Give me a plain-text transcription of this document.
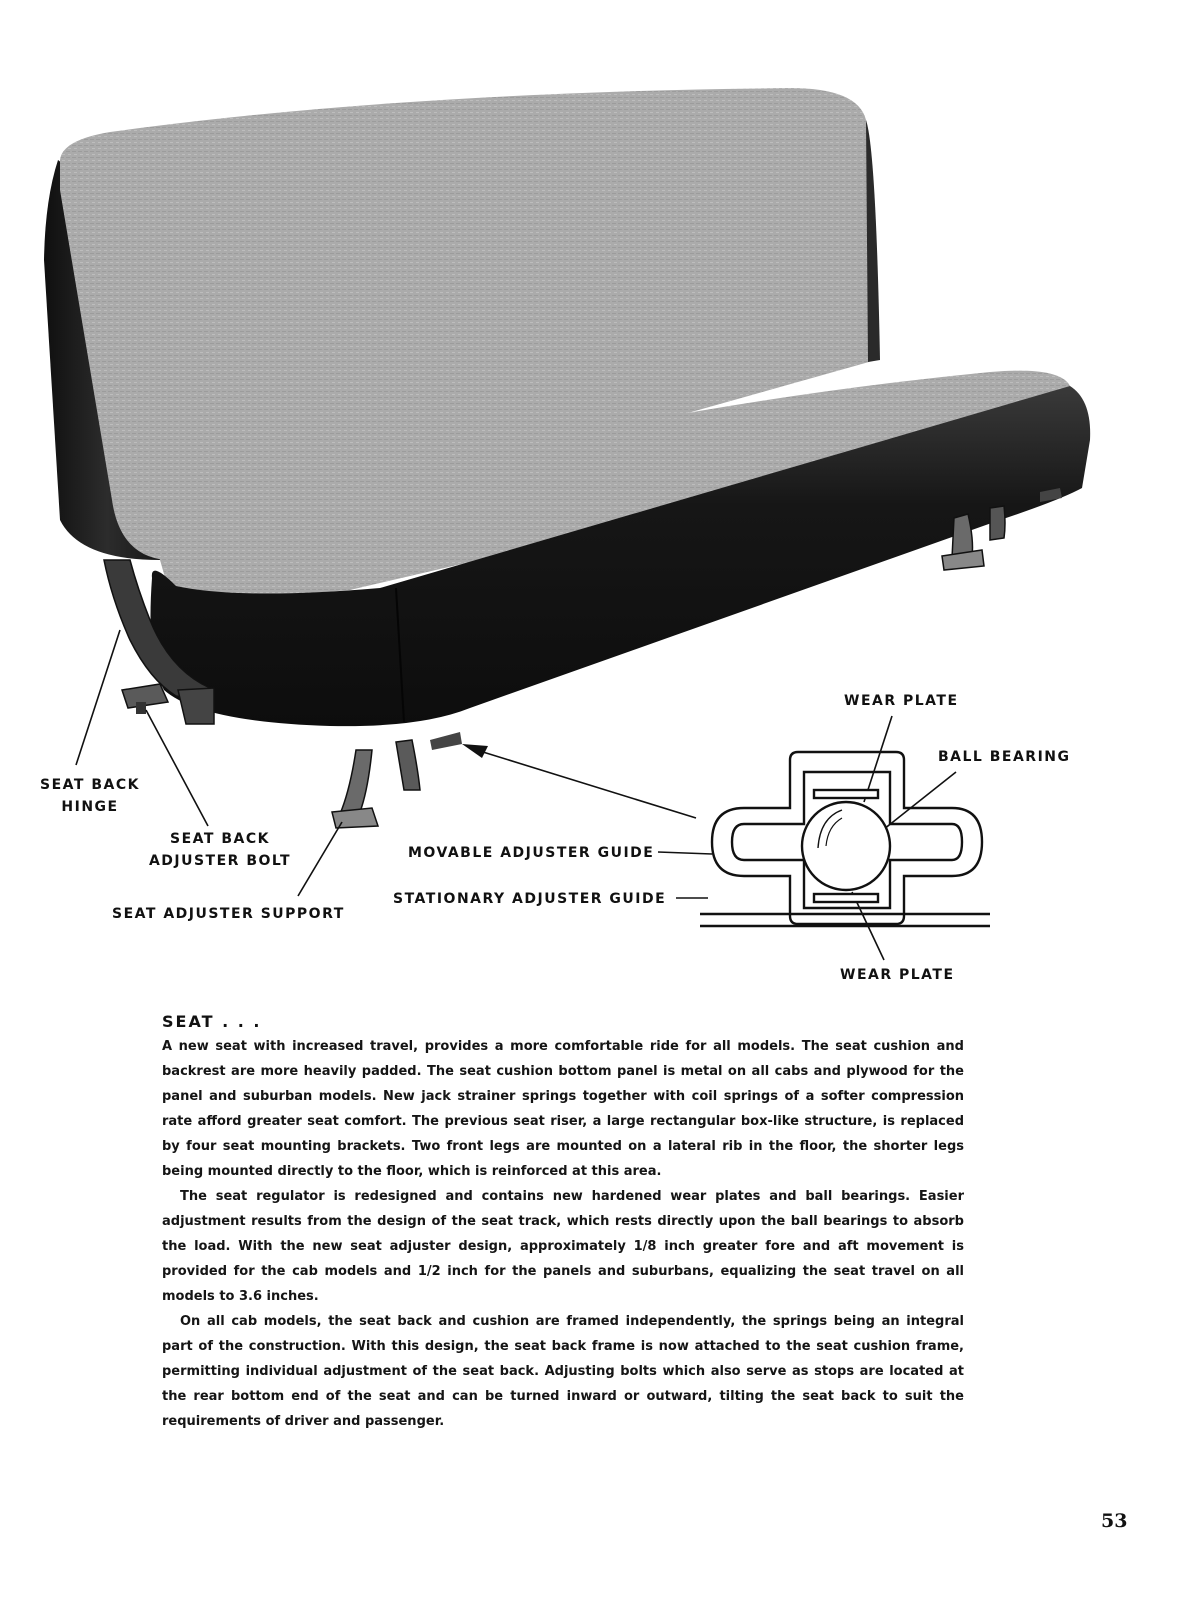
SEAT BACK
HINGE
SEAT BACK
ADJUSTER BOLT
SEAT ADJUSTER SUPPORT
WEAR PLATE
BALL BEARING
MOVABLE ADJUSTER GUIDE
STATIONARY ADJUSTER GUIDE
WEAR PLATE
SEAT . . .

A new seat with increased travel, provides a more comfortable ride for all models. The seat cushion and backrest are more heavily padded. The seat cushion bottom panel is metal on all cabs and plywood for the panel and suburban models. New jack strainer springs together with coil springs of a softer compression rate afford greater seat comfort. The previous seat riser, a large rectangular box-like structure, is replaced by four seat mounting brackets. Two front legs are mounted on a lateral rib in the floor, the shorter legs being mounted directly to the floor, which is reinforced at this area.

The seat regulator is redesigned and contains new hardened wear plates and ball bearings. Easier adjustment results from the design of the seat track, which rests directly upon the ball bearings to absorb the load. With the new seat adjuster design, approximately 1/8 inch greater fore and aft movement is provided for the cab models and 1/2 inch for the panels and suburbans, equalizing the seat travel on all models to 3.6 inches.

On all cab models, the seat back and cushion are framed independently, the springs being an integral part of the construction. With this design, the seat back frame is now attached to the seat cushion frame, permitting individual adjustment of the seat back. Adjusting bolts which also serve as stops are located at the rear bottom end of the seat and can be turned inward or outward, tilting the seat back to suit the requirements of driver and passenger.

53
